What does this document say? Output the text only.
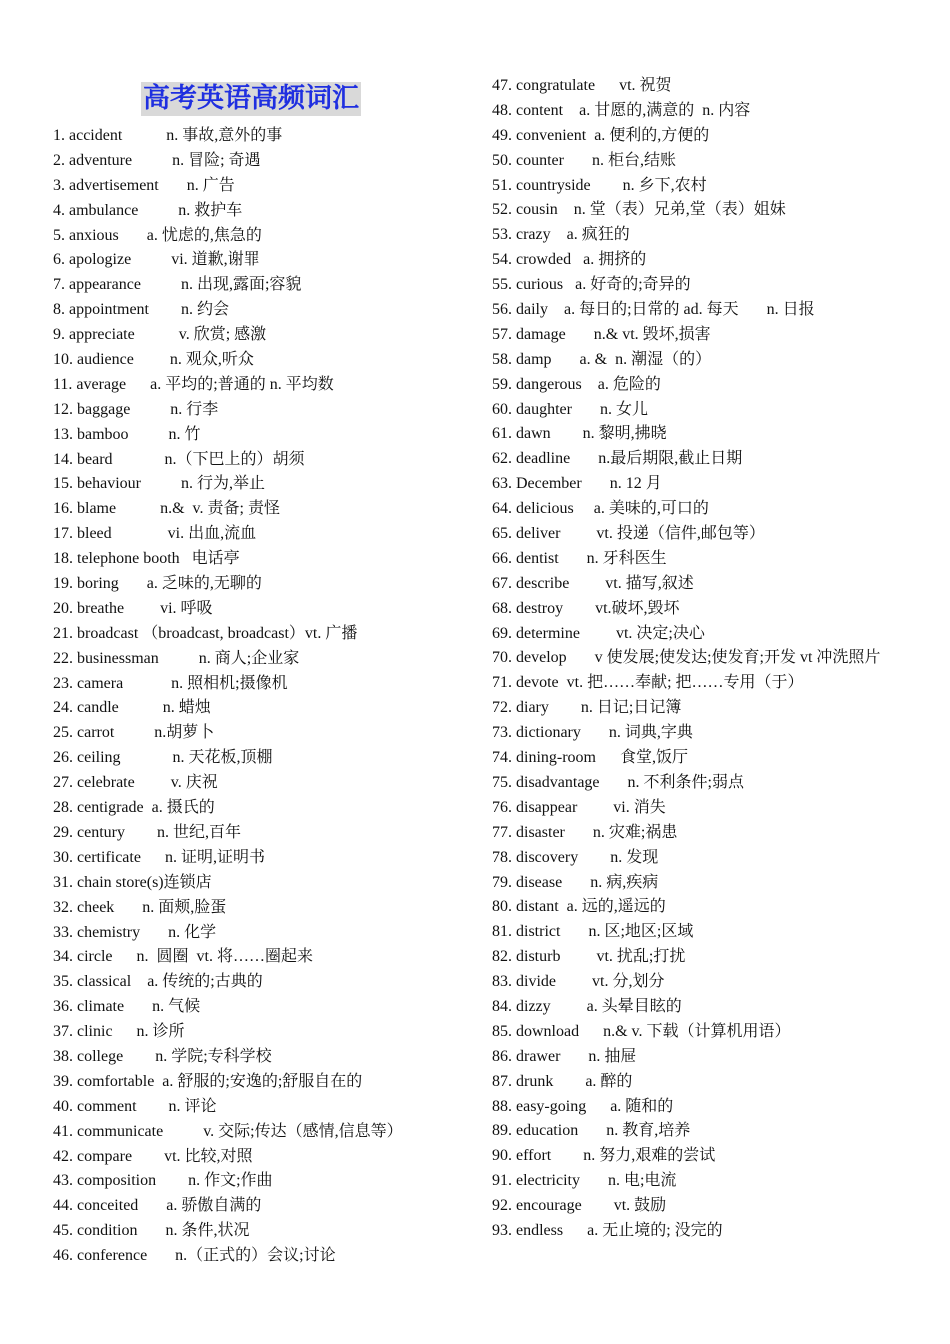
高考英语高频词汇
1. accident           n. 事故,意外的事
2. adventure          n. 冒险; 奇遇
3. advertisement       n. 广告
4. ambulance          n. 救护车
5. anxious       a. 忧虑的,焦急的
6. apologize          vi. 道歉,谢罪
7. appearance          n. 出现,露面;容貌
8. appointment        n. 约会
9. appreciate           v. 欣赏; 感激
10. audience         n. 观众,听众
11. average      a. 平均的;普通的 n. 平均数
12. baggage          n. 行李
13. bamboo          n. 竹
14. beard             n.（下巴上的）胡须
15. behaviour          n. 行为,举止
16. blame           n.&  v. 责备; 责怪
17. bleed              vi. 出血,流血
18. telephone booth   电话亭
19. boring       a. 乏味的,无聊的
20. breathe         vi. 呼吸
21. broadcast （broadcast, broadcast）vt. 广播
22. businessman          n. 商人;企业家
23. camera            n. 照相机;摄像机
24. candle           n. 蜡烛
25. carrot          n.胡萝卜
26. ceiling             n. 天花板,顶棚
27. celebrate         v. 庆祝
28. centigrade  a. 摄氏的
29. century        n. 世纪,百年
30. certificate      n. 证明,证明书
31. chain store(s)连锁店
32. cheek       n. 面颊,脸蛋
33. chemistry       n. 化学
34. circle      n.  圆圈  vt. 将……圈起来
35. classical    a. 传统的;古典的
36. climate       n. 气候
37. clinic      n. 诊所
38. college        n. 学院;专科学校
39. comfortable  a. 舒服的;安逸的;舒服自在的
40. comment        n. 评论
41. communicate          v. 交际;传达（感情,信息等）
42. compare        vt. 比较,对照
43. composition        n. 作文;作曲
44. conceited       a. 骄傲自满的
45. condition       n. 条件,状况
46. conference       n.（正式的）会议;讨论
47. congratulate      vt. 祝贺
48. content    a. 甘愿的,满意的  n. 内容
49. convenient  a. 便利的,方便的
50. counter       n. 柜台,结账
51. countryside        n. 乡下,农村
52. cousin    n. 堂（表）兄弟,堂（表）姐妹
53. crazy    a. 疯狂的
54. crowded   a. 拥挤的
55. curious   a. 好奇的;奇异的
56. daily    a. 每日的;日常的 ad. 每天       n. 日报
57. damage       n.& vt. 毁坏,损害
58. damp       a. &  n. 潮湿（的）
59. dangerous    a. 危险的
60. daughter       n. 女儿
61. dawn        n. 黎明,拂晓
62. deadline       n.最后期限,截止日期
63. December       n. 12 月
64. delicious     a. 美味的,可口的
65. deliver         vt. 投递（信件,邮包等）
66. dentist       n. 牙科医生
67. describe         vt. 描写,叙述
68. destroy        vt.破坏,毁坏
69. determine         vt. 决定;决心
70. develop       v 使发展;使发达;使发育;开发 vt 冲洗照片
71. devote  vt. 把……奉献; 把……专用（于）
72. diary        n. 日记;日记簿
73. dictionary       n. 词典,字典
74. dining-room      食堂,饭厅
75. disadvantage       n. 不利条件;弱点
76. disappear         vi. 消失
77. disaster       n. 灾难;祸患
78. discovery        n. 发现
79. disease       n. 病,疾病
80. distant  a. 远的,遥远的
81. district       n. 区;地区;区域
82. disturb         vt. 扰乱;打扰
83. divide         vt. 分,划分
84. dizzy         a. 头晕目眩的
85. download      n.& v. 下载（计算机用语）
86. drawer       n. 抽屉
87. drunk        a. 醉的
88. easy-going      a. 随和的
89. education       n. 教育,培养
90. effort        n. 努力,艰难的尝试
91. electricity       n. 电;电流
92. encourage        vt. 鼓励
93. endless      a. 无止境的; 没完的
